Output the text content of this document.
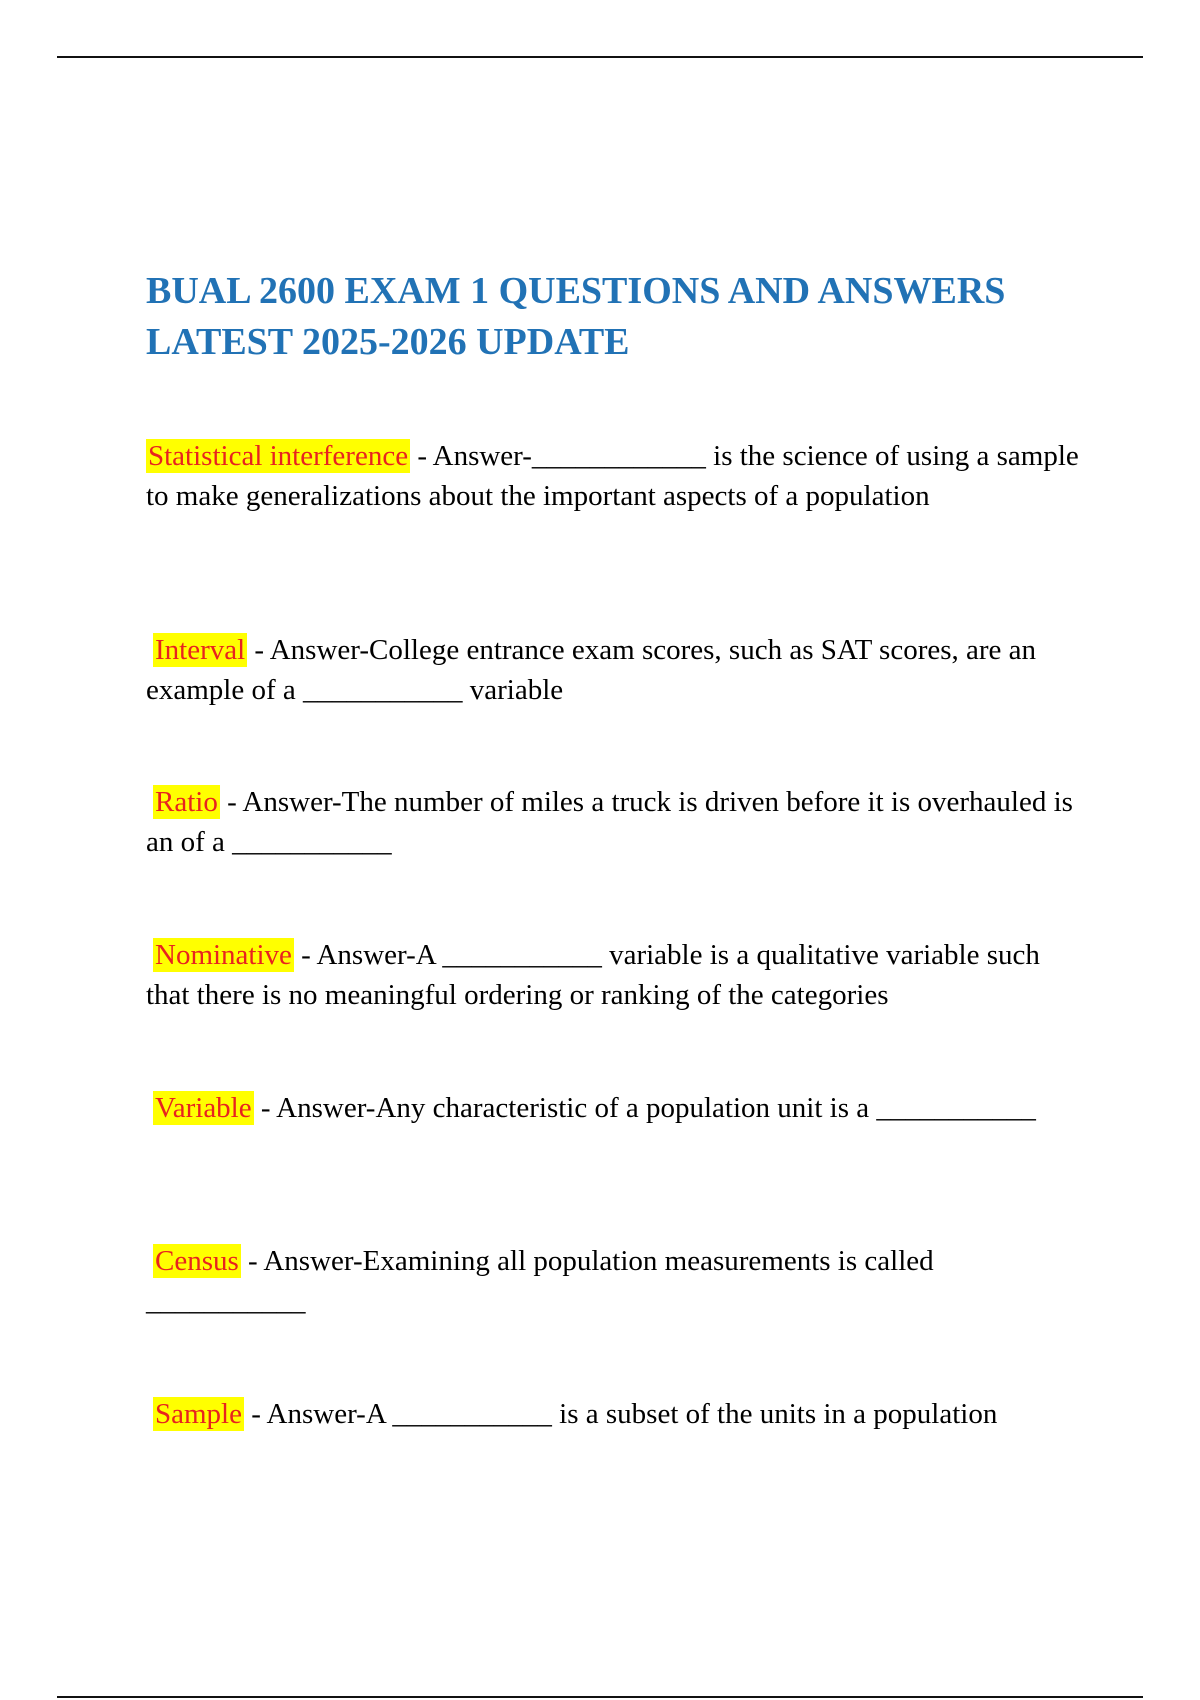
BUAL 2600 EXAM 1 QUESTIONS AND ANSWERS
LATEST 2025-2026 UPDATE

Statistical interference - Answer-____________ is the science of using a sample to make generalizations about the important aspects of a population

Interval - Answer-College entrance exam scores, such as SAT scores, are an example of a ___________ variable

Ratio - Answer-The number of miles a truck is driven before it is overhauled is an of a ___________

Nominative - Answer-A ___________ variable is a qualitative variable such that there is no meaningful ordering or ranking of the categories

Variable - Answer-Any characteristic of a population unit is a ___________

Census - Answer-Examining all population measurements is called ___________

Sample - Answer-A ___________ is a subset of the units in a population
